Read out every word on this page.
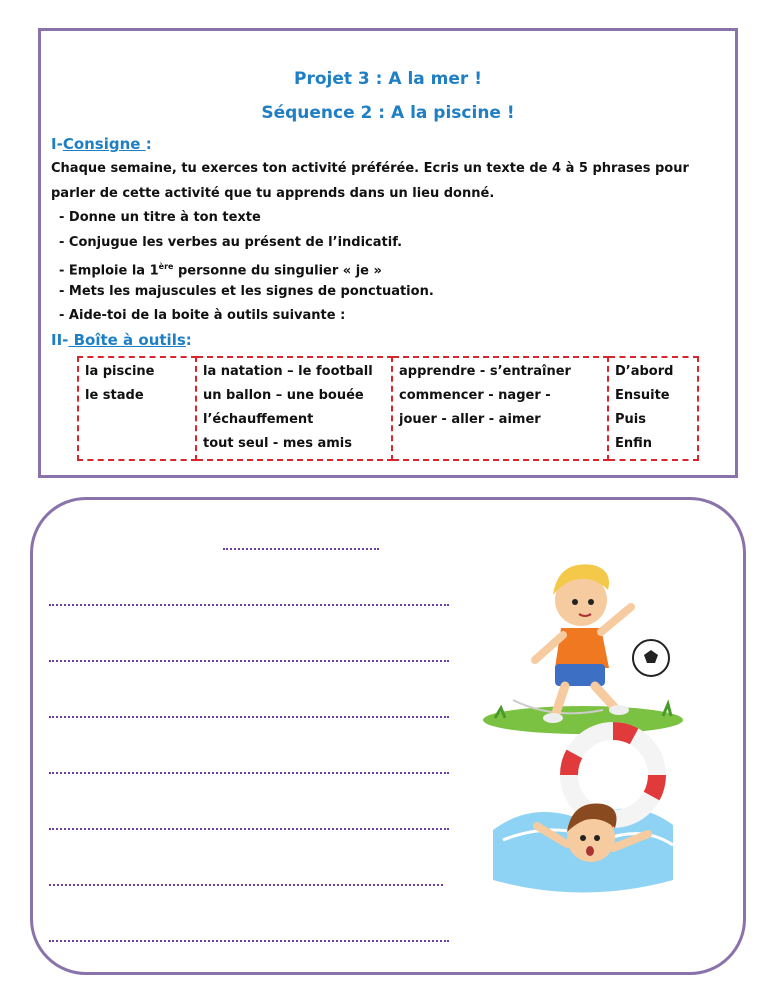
Projet 3 : A la mer !
Séquence 2 : A la piscine !
I-Consigne :
Chaque semaine, tu exerces ton activité préférée. Ecris un texte de 4 à 5 phrases pour
parler de cette activité que tu apprends dans un lieu donné.
- Donne un titre à ton texte
- Conjugue les verbes au présent de l’indicatif.
- Emploie la 1ère personne du singulier « je »
- Mets les majuscules et les signes de ponctuation.
- Aide-toi de la boite à outils suivante :
II- Boîte à outils:
la piscine
le stade

la natation – le football
un ballon – une bouée
l’échauffement
tout seul - mes amis

apprendre - s’entraîner
commencer - nager -
jouer - aller - aimer

D’abord
Ensuite
Puis
Enfin
